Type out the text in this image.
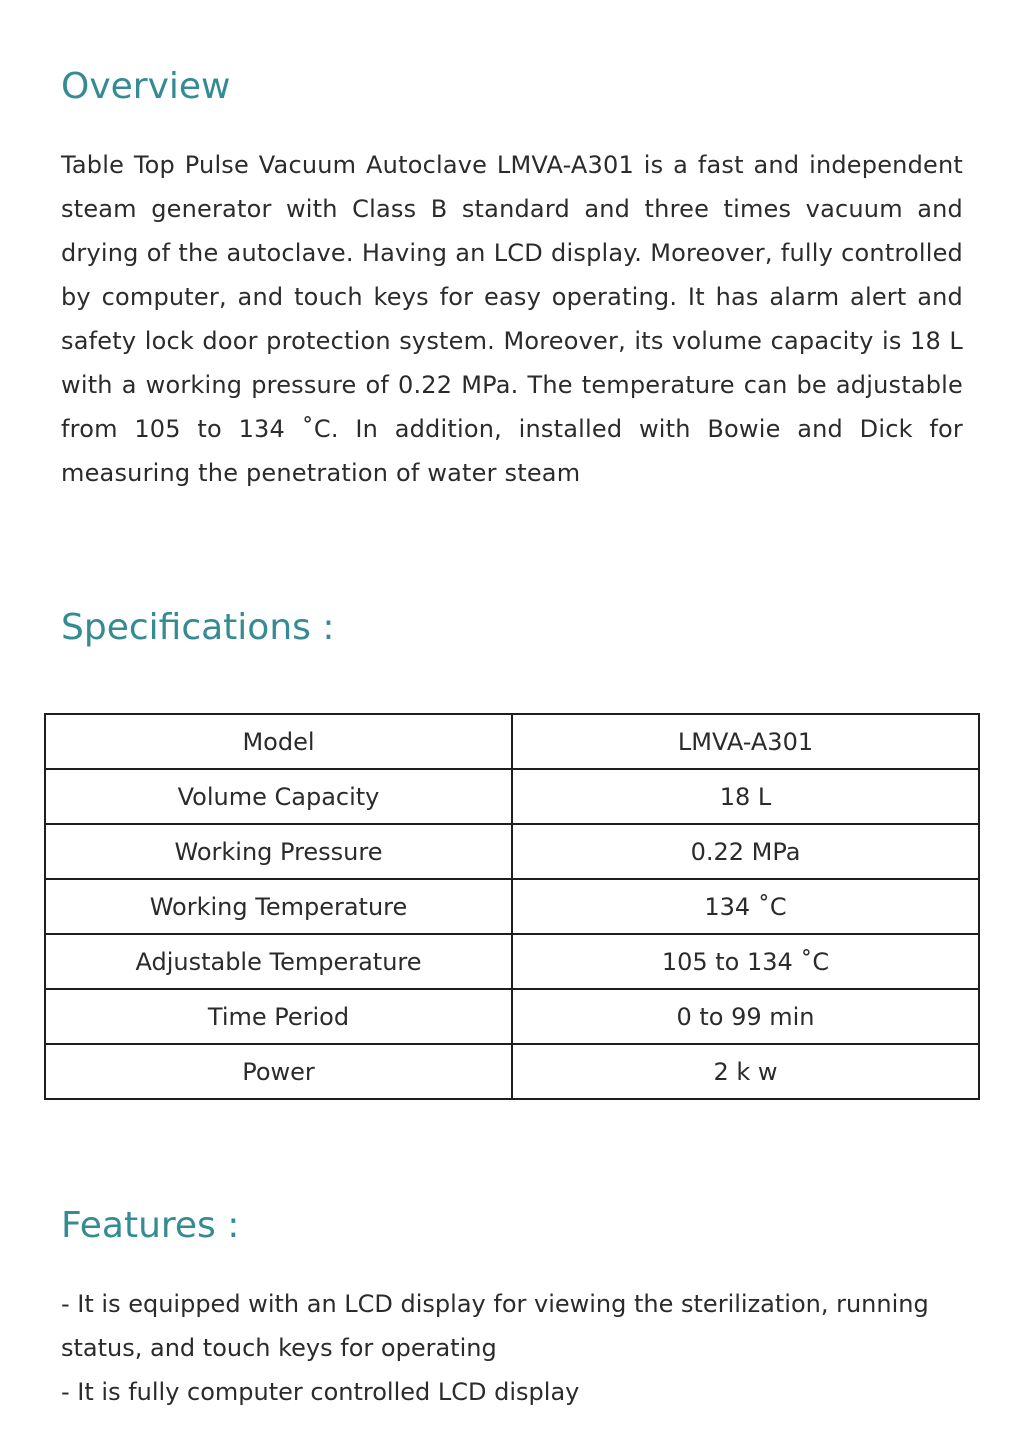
Overview

Table Top Pulse Vacuum Autoclave LMVA-A301 is a fast and independent steam generator with Class B standard and three times vacuum and drying of the autoclave. Having an LCD display. Moreover, fully controlled by computer, and touch keys for easy operating. It has alarm alert and safety lock door protection system. Moreover, its volume capacity is 18 L with a working pressure of 0.22 MPa. The temperature can be adjustable from 105 to 134 ˚C. In addition, installed with Bowie and Dick for measuring the penetration of water steam

Specifications :
Model	LMVA-A301
Volume Capacity	18 L
Working Pressure	0.22 MPa
Working Temperature	134 ˚C
Adjustable Temperature	105 to 134 ˚C
Time Period	0 to 99 min
Power	2 k w
Features :
- It is equipped with an LCD display for viewing the sterilization, running status, and touch keys for operating
- It is fully computer controlled LCD display
